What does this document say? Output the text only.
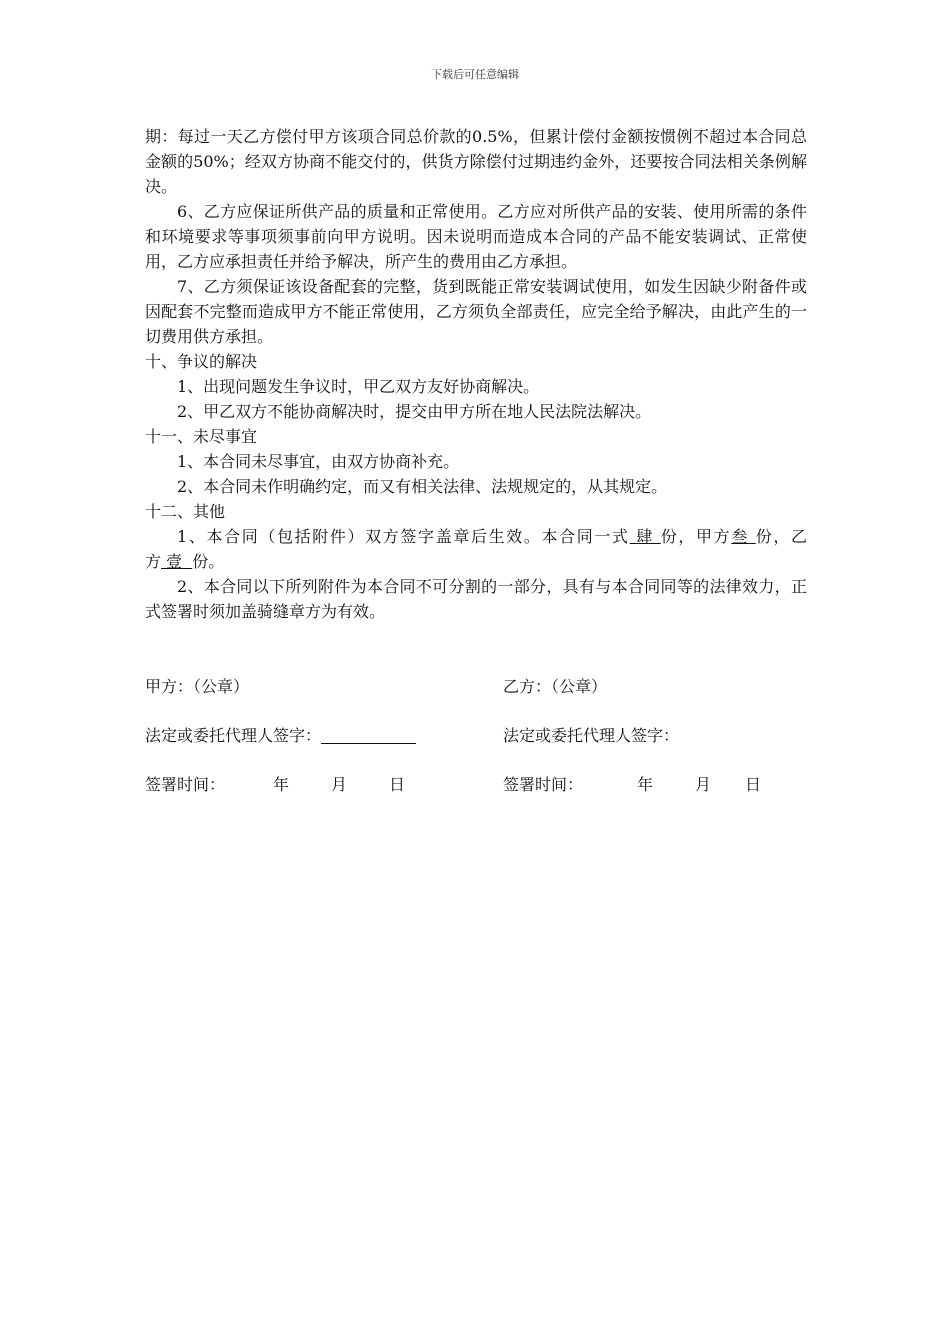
下载后可任意编辑

期：每过一天乙方偿付甲方该项合同总价款的0.5%，但累计偿付金额按惯例不超过本合同总金额的50%；经双方协商不能交付的，供货方除偿付过期违约金外，还要按合同法相关条例解决。

6、乙方应保证所供产品的质量和正常使用。乙方应对所供产品的安装、使用所需的条件和环境要求等事项须事前向甲方说明。因未说明而造成本合同的产品不能安装调试、正常使用，乙方应承担责任并给予解决，所产生的费用由乙方承担。

7、乙方须保证该设备配套的完整，货到既能正常安装调试使用，如发生因缺少附备件或因配套不完整而造成甲方不能正常使用，乙方须负全部责任，应完全给予解决，由此产生的一切费用供方承担。

十、争议的解决

1、出现问题发生争议时，甲乙双方友好协商解决。

2、甲乙双方不能协商解决时，提交由甲方所在地人民法院法解决。

十一、未尽事宜

1、本合同未尽事宜，由双方协商补充。

2、本合同未作明确约定，而又有相关法律、法规规定的，从其规定。

十二、其他

1、本合同（包括附件）双方签字盖章后生效。本合同一式 肆 份，甲方叁 份，乙方 壹 份。

2、本合同以下所列附件为本合同不可分割的一部分，具有与本合同同等的法律效力，正式签署时须加盖骑缝章方为有效。

甲方：（公章）	乙方：（公章）
法定或委托代理人签字：	法定或委托代理人签字：
签署时间：	年	月	日	签署时间：	年	月 日
